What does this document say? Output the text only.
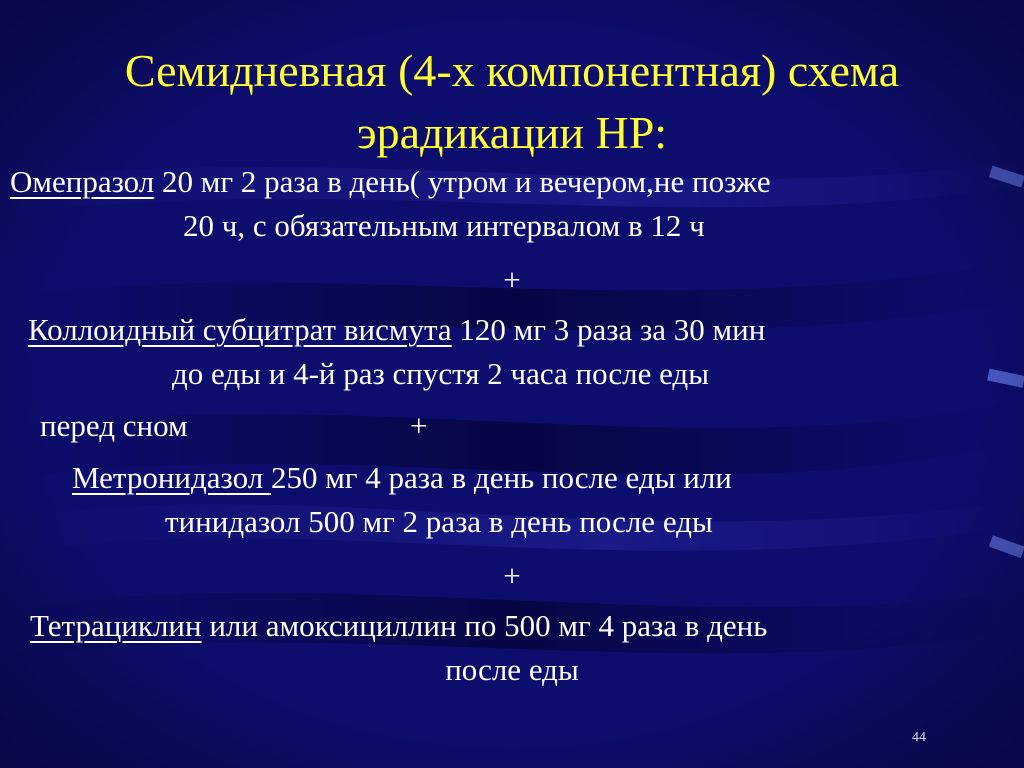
Семидневная (4-х компонентная) схема
эрадикации HP:

Омепразол 20 мг 2 раза в день( утром и вечером,не позже

20 ч, с обязательным интервалом в 12 ч

+

Коллоидный субцитрат висмута 120 мг 3 раза за 30 мин

до еды и 4-й раз спустя 2 часа после еды

перед сном	+

Метронидазол 250 мг 4 раза в день после еды или

тинидазол 500 мг 2 раза в день после еды

+

Тетрациклин или амоксициллин по 500 мг 4 раза в день

после еды

44
